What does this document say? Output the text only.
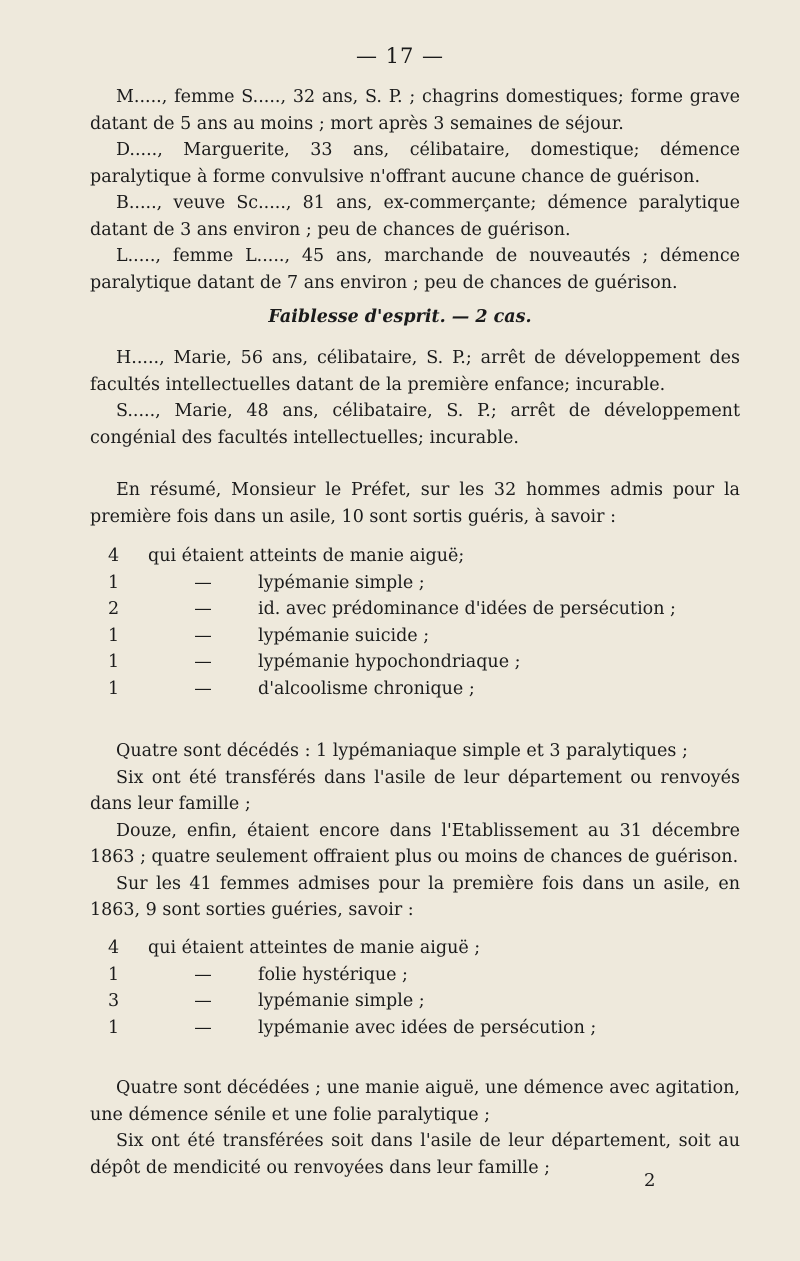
— 17 —

M....., femme S....., 32 ans, S. P. ; chagrins domestiques; forme grave datant de 5 ans au moins ; mort après 3 semaines de séjour.

D....., Marguerite, 33 ans, célibataire, domestique; démence paralytique à forme convulsive n'offrant aucune chance de guérison.

B....., veuve Sc....., 81 ans, ex-commerçante; démence paralytique datant de 3 ans environ ; peu de chances de guérison.

L....., femme L....., 45 ans, marchande de nouveautés ; démence paralytique datant de 7 ans environ ; peu de chances de guérison.

Faiblesse d'esprit. — 2 cas.

H....., Marie, 56 ans, célibataire, S. P.; arrêt de développement des facultés intellectuelles datant de la première enfance; incurable.

S....., Marie, 48 ans, célibataire, S. P.; arrêt de développement congénial des facultés intellectuelles; incurable.

En résumé, Monsieur le Préfet, sur les 32 hommes admis pour la première fois dans un asile, 10 sont sortis guéris, à savoir :

4	qui étaient atteints de manie aiguë;
1	—	lypémanie simple ;
2	—	id. avec prédominance d'idées de persécution ;
1	—	lypémanie suicide ;
1	—	lypémanie hypochondriaque ;
1	—	d'alcoolisme chronique ;

Quatre sont décédés : 1 lypémaniaque simple et 3 paralytiques ;

Six ont été transférés dans l'asile de leur département ou renvoyés dans leur famille ;

Douze, enfin, étaient encore dans l'Etablissement au 31 décembre 1863 ; quatre seulement offraient plus ou moins de chances de guérison.

Sur les 41 femmes admises pour la première fois dans un asile, en 1863, 9 sont sorties guéries, savoir :

4	qui étaient atteintes de manie aiguë ;
1	—	folie hystérique ;
3	—	lypémanie simple ;
1	—	lypémanie avec idées de persécution ;

Quatre sont décédées ; une manie aiguë, une démence avec agitation, une démence sénile et une folie paralytique ;

Six ont été transférées soit dans l'asile de leur département, soit au dépôt de mendicité ou renvoyées dans leur famille ;

2
